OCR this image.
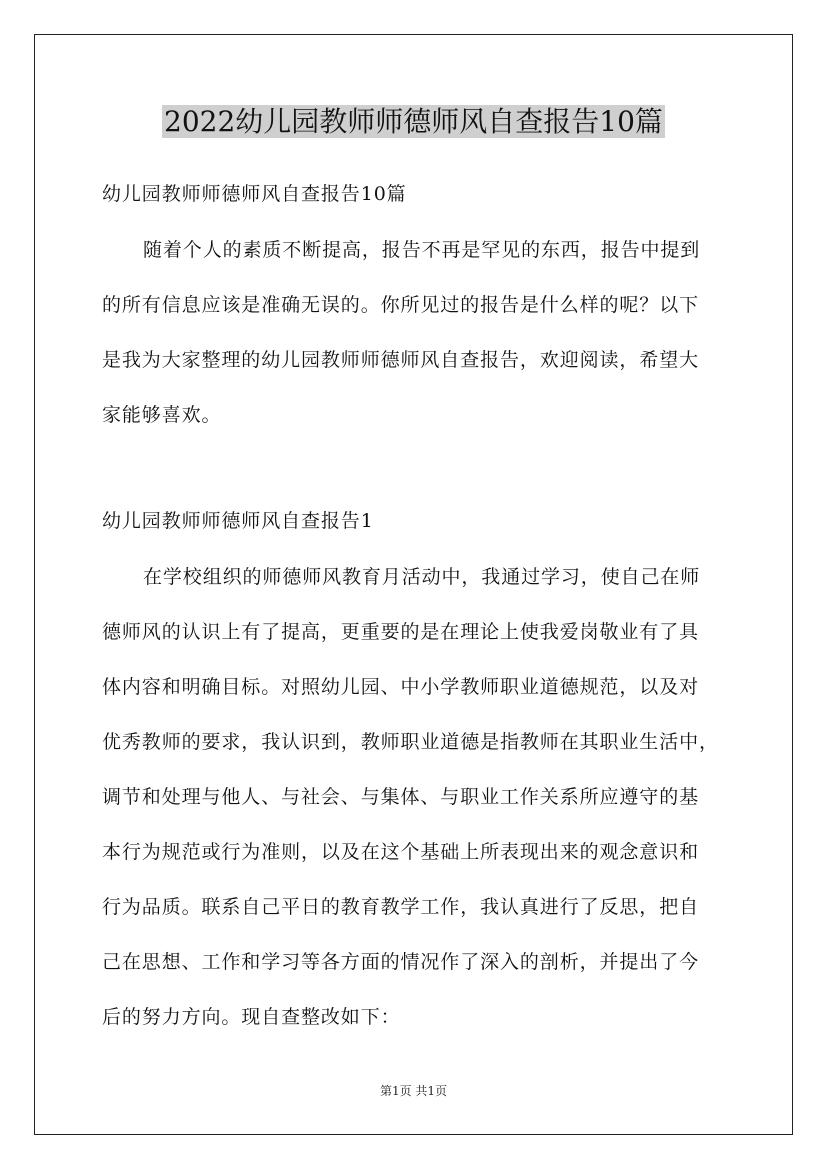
2022幼儿园教师师德师风自查报告10篇
幼儿园教师师德师风自查报告10篇
随着个人的素质不断提高，报告不再是罕见的东西，报告中提到
的所有信息应该是准确无误的。你所见过的报告是什么样的呢？以下
是我为大家整理的幼儿园教师师德师风自查报告，欢迎阅读，希望大
家能够喜欢。
幼儿园教师师德师风自查报告1
在学校组织的师德师风教育月活动中，我通过学习，使自己在师
德师风的认识上有了提高，更重要的是在理论上使我爱岗敬业有了具
体内容和明确目标。对照幼儿园、中小学教师职业道德规范，以及对
优秀教师的要求，我认识到，教师职业道德是指教师在其职业生活中，
调节和处理与他人、与社会、与集体、与职业工作关系所应遵守的基
本行为规范或行为准则，以及在这个基础上所表现出来的观念意识和
行为品质。联系自己平日的教育教学工作，我认真进行了反思，把自
己在思想、工作和学习等各方面的情况作了深入的剖析，并提出了今
后的努力方向。现自查整改如下：
第1页 共1页
